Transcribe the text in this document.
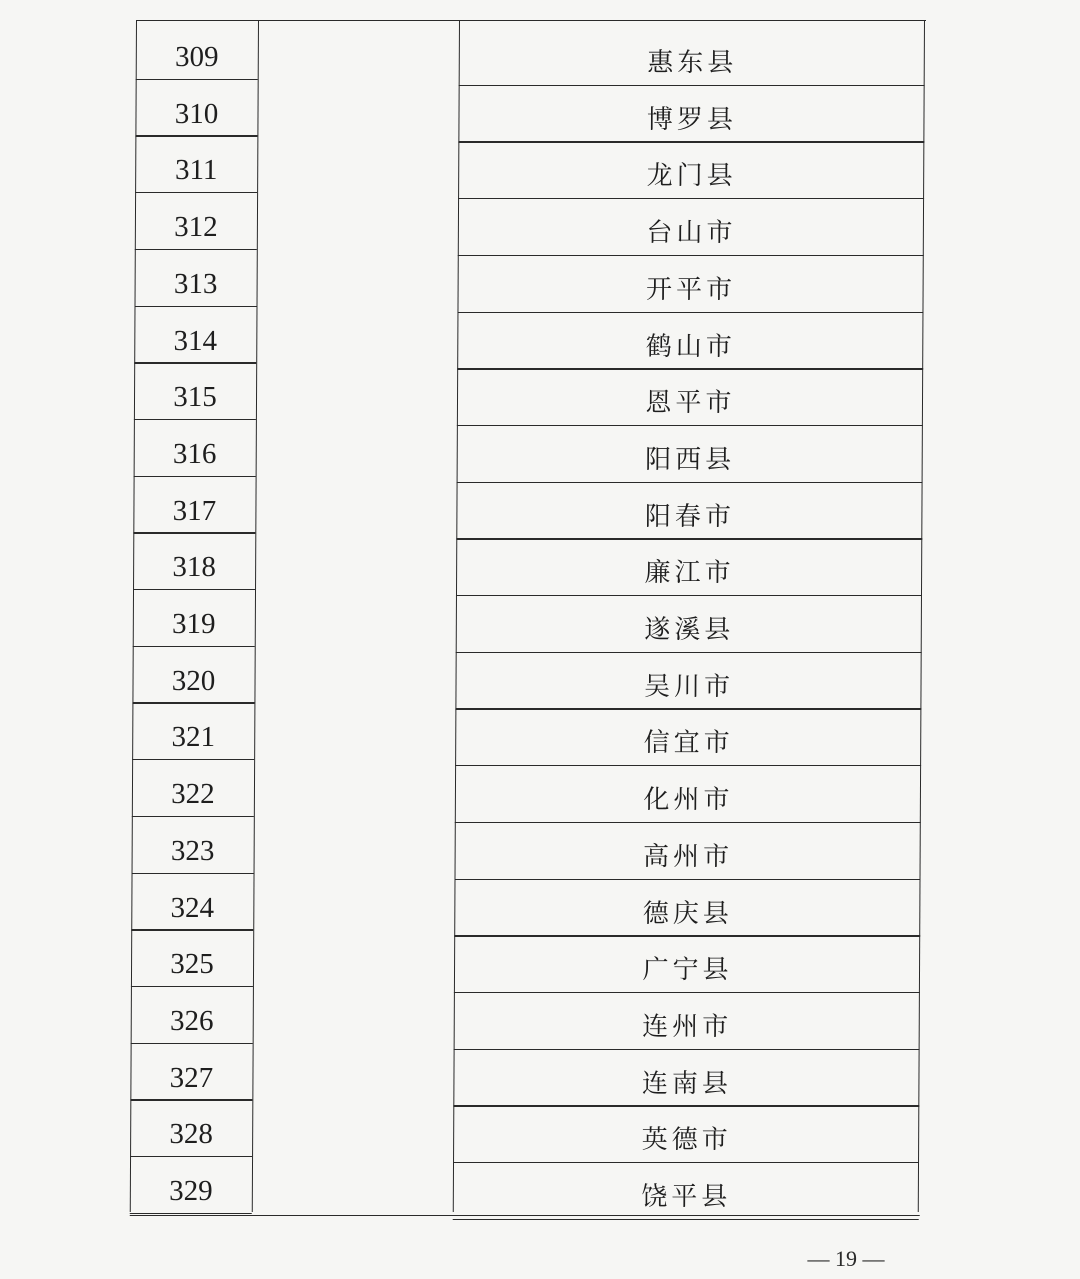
309	惠东县
310	博罗县
311	龙门县
312	台山市
313	开平市
314	鹤山市
315	恩平市
316	阳西县
317	阳春市
318	廉江市
319	遂溪县
320	吴川市
321	信宜市
322	化州市
323	高州市
324	德庆县
325	广宁县
326	连州市
327	连南县
328	英德市
329	饶平县
— 19 —
